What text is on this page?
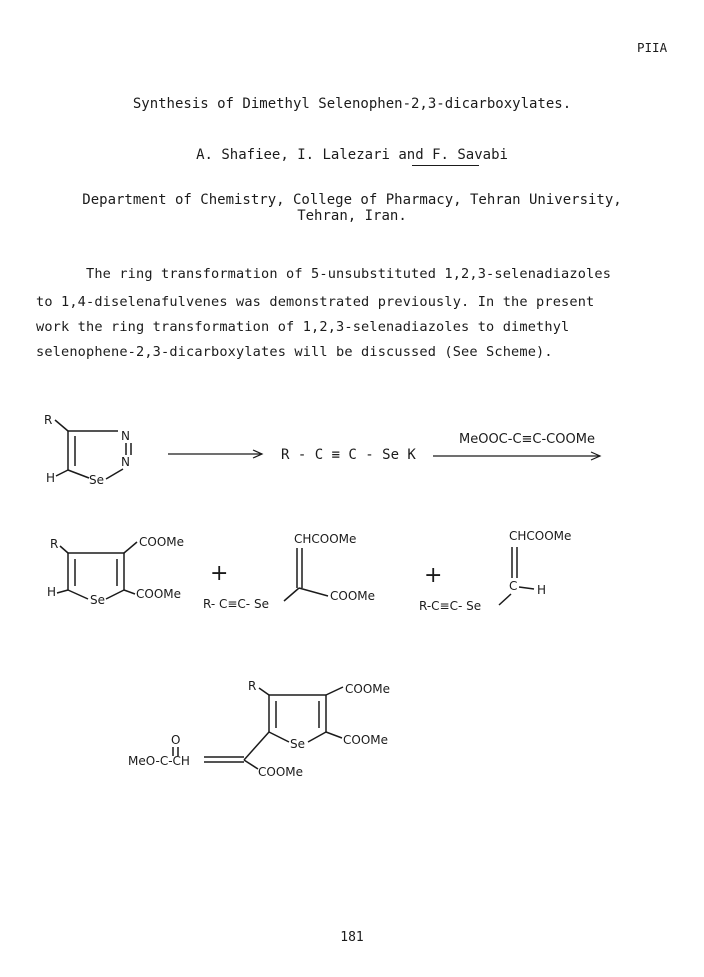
PIIA
Synthesis of Dimethyl Selenophen-2,3-dicarboxylates.
A. Shafiee, I. Lalezari and F. Savabi
Department of Chemistry, College of Pharmacy, Tehran University,
Tehran, Iran.
The ring transformation of 5-unsubstituted 1,2,3-selenadiazoles
to 1,4-diselenafulvenes was demonstrated previously. In the present
work the ring transformation of 1,2,3-selenadiazoles to dimethyl
selenophene-2,3-dicarboxylates will be discussed (See Scheme).
R
H
N
N
Se
R - C ≡ C - Se K
MeOOC-C≡C-COOMe
R
H
Se
COOMe
COOMe
+
CHCOOMe
COOMe
R- C≡C- Se
+
CHCOOMe
C H
R-C≡C- Se
R
Se
COOMe
COOMe
O
MeO-C-CH
COOMe
181
